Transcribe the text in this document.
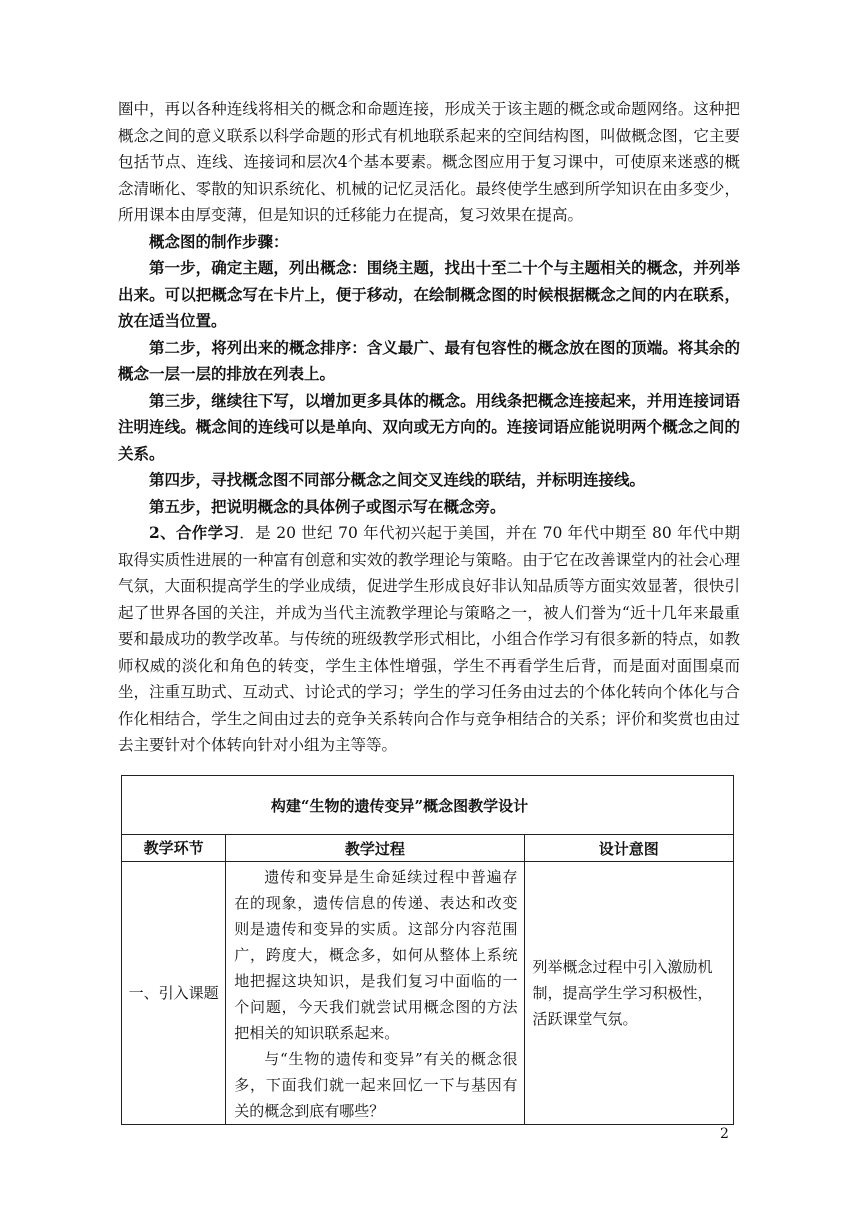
圈中，再以各种连线将相关的概念和命题连接，形成关于该主题的概念或命题网络。这种把概念之间的意义联系以科学命题的形式有机地联系起来的空间结构图，叫做概念图，它主要包括节点、连线、连接词和层次4个基本要素。概念图应用于复习课中，可使原来迷惑的概念清晰化、零散的知识系统化、机械的记忆灵活化。最终使学生感到所学知识在由多变少，所用课本由厚变薄，但是知识的迁移能力在提高，复习效果在提高。

概念图的制作步骤：

第一步，确定主题，列出概念：围绕主题，找出十至二十个与主题相关的概念，并列举出来。可以把概念写在卡片上，便于移动，在绘制概念图的时候根据概念之间的内在联系，放在适当位置。

第二步，将列出来的概念排序：含义最广、最有包容性的概念放在图的顶端。将其余的概念一层一层的排放在列表上。

第三步，继续往下写，以增加更多具体的概念。用线条把概念连接起来，并用连接词语注明连线。概念间的连线可以是单向、双向或无方向的。连接词语应能说明两个概念之间的关系。

第四步，寻找概念图不同部分概念之间交叉连线的联结，并标明连接线。

第五步，把说明概念的具体例子或图示写在概念旁。

2、合作学习．是 20 世纪 70 年代初兴起于美国，并在 70 年代中期至 80 年代中期取得实质性进展的一种富有创意和实效的教学理论与策略。由于它在改善课堂内的社会心理气氛，大面积提高学生的学业成绩，促进学生形成良好非认知品质等方面实效显著，很快引起了世界各国的关注，并成为当代主流教学理论与策略之一，被人们誉为“近十几年来最重要和最成功的教学改革。与传统的班级教学形式相比，小组合作学习有很多新的特点，如教师权威的淡化和角色的转变，学生主体性增强，学生不再看学生后背，而是面对面围桌而坐，注重互助式、互动式、讨论式的学习；学生的学习任务由过去的个体化转向个体化与合作化相结合，学生之间由过去的竞争关系转向合作与竞争相结合的关系；评价和奖赏也由过去主要针对个体转向针对小组为主等等。

构建“生物的遗传变异”概念图教学设计		
教学环节	教学过程	设计意图
一、引入课题	遗传和变异是生命延续过程中普遍存在的现象，遗传信息的传递、表达和改变则是遗传和变异的实质。这部分内容范围广，跨度大，概念多，如何从整体上系统地把握这块知识，是我们复习中面临的一个问题，今天我们就尝试用概念图的方法把相关的知识联系起来。

与“生物的遗传和变异”有关的概念很多，下面我们就一起来回忆一下与基因有关的概念到底有哪些？	列举概念过程中引入激励机制，提高学生学习积极性，活跃课堂气氛。
2
